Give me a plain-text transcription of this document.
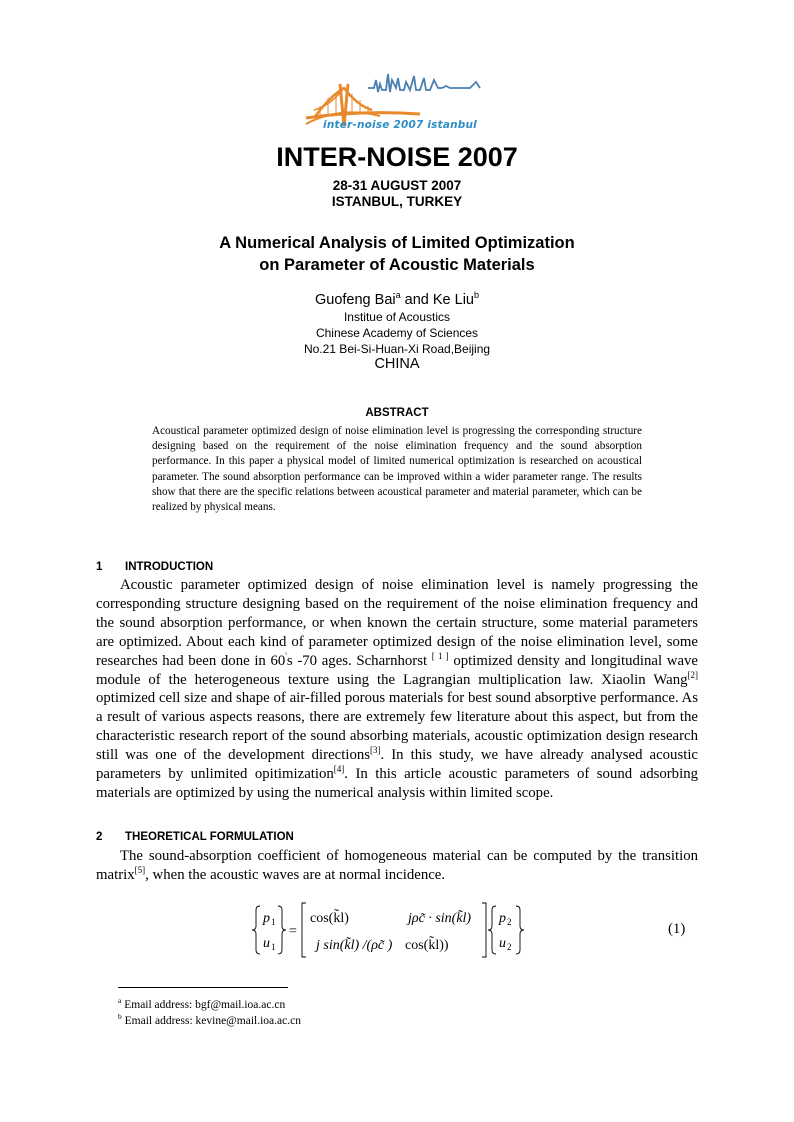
inter-noise 2007 istanbul
INTER-NOISE 2007
28-31 AUGUST 2007
ISTANBUL, TURKEY
A Numerical Analysis of Limited Optimization
on Parameter of Acoustic Materials
Guofeng Bai$^a$ and Ke Liu$^b$
Institue of Acoustics
Chinese Academy of Sciences
No.21 Bei-Si-Huan-Xi Road,Beijing
CHINA
ABSTRACT
Acoustical parameter optimized design of noise elimination level is progressing the corresponding structure designing based on the requirement of the noise elimination frequency and the sound absorption performance. In this paper a physical model of limited numerical optimization is researched on acoustical parameter. The sound absorption performance can be improved within a wider parameter range. The results show that there are the specific relations between acoustical parameter and material parameter, which can be realized by physical means.
1 INTRODUCTION
Acoustic parameter optimized design of noise elimination level is namely progressing the corresponding structure designing based on the requirement of the noise elimination frequency and the sound absorption performance, or when known the certain structure, some material parameters are optimized. About each kind of parameter optimized design of the noise elimination level, some researches had been done in 60's -70 ages. Scharnhorst [ 1 ] optimized density and longitudinal wave module of the heterogeneous texture using the Lagrangian multiplication law. Xiaolin Wang[2] optimized cell size and shape of air-filled porous materials for best sound absorptive performance. As a result of various aspects reasons, there are extremely few literature about this aspect, but from the characteristic research report of the sound absorbing materials, acoustic optimization design research still was one of the development directions[3]. In this study, we have already analysed acoustic parameters by unlimited opitimization[4]. In this article acoustic parameters of sound adsorbing materials are optimized by using the numerical analysis within limited scope.
2 THEORETICAL FORMULATION
The sound-absorption coefficient of homogeneous material can be computed by the transition matrix[5], when the acoustic waves are at normal incidence.
p 1
u 1
=
cos(k̃l)	jρc̃ · sin(k̃l)
j sin(k̃l) /(ρc̃ ) cos(k̃l))
p 2
u 2
(1)
$^a$ Email address: bgf@mail.ioa.ac.cn
$^b$ Email address: kevine@mail.ioa.ac.cn
